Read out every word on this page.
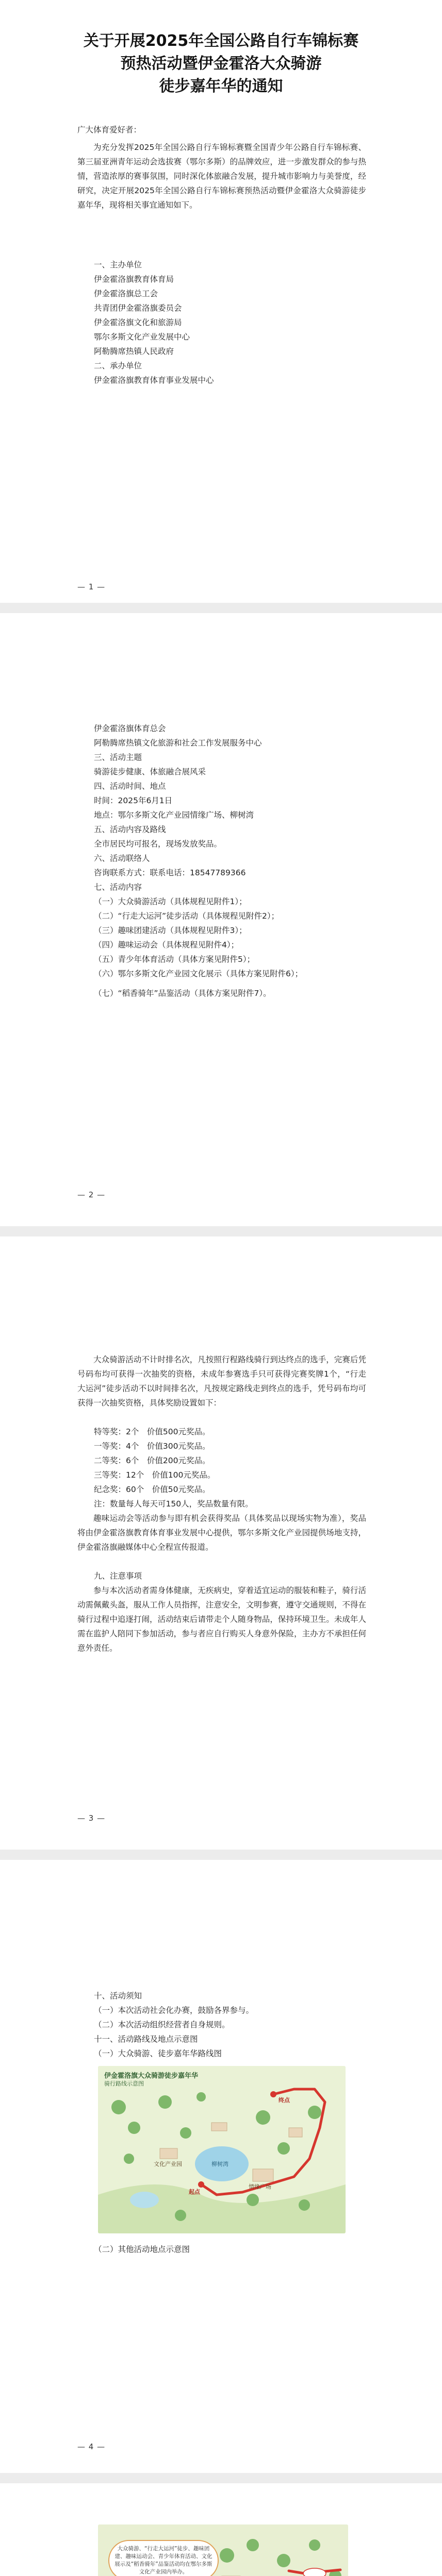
关于开展2025年全国公路自行车锦标赛
预热活动暨伊金霍洛大众骑游
徒步嘉年华的通知
广大体育爱好者：
为充分发挥2025年全国公路自行车锦标赛暨全国青少年公路自行车锦标赛、第三届亚洲青年运动会选拔赛（鄂尔多斯）的品牌效应，进一步激发群众的参与热情，营造浓厚的赛事氛围，同时深化体旅融合发展，提升城市影响力与美誉度，经研究，决定开展2025年全国公路自行车锦标赛预热活动暨伊金霍洛大众骑游徒步嘉年华，现将相关事宜通知如下。
一、主办单位
伊金霍洛旗教育体育局
伊金霍洛旗总工会
共青团伊金霍洛旗委员会
伊金霍洛旗文化和旅游局
鄂尔多斯文化产业发展中心
阿勒腾席热镇人民政府
二、承办单位
伊金霍洛旗教育体育事业发展中心
— 1 —
伊金霍洛旗体育总会
阿勒腾席热镇文化旅游和社会工作发展服务中心
三、活动主题
骑游徒步健康、体旅融合展风采
四、活动时间、地点
时间：2025年6月1日
地点：鄂尔多斯文化产业园情缘广场、柳树湾
五、活动内容及路线
全市居民均可报名，现场发放奖品。
六、活动联络人
咨询联系方式：联系电话：18547789366
七、活动内容
（一）大众骑游活动（具体规程见附件1）；
（二）“行走大运河”徒步活动（具体规程见附件2）；
（三）趣味团建活动（具体规程见附件3）；
（四）趣味运动会（具体规程见附件4）；
（五）青少年体育活动（具体方案见附件5）；
（六）鄂尔多斯文化产业园文化展示（具体方案见附件6）；
（七）“稻香骑年”品鉴活动（具体方案见附件7）。
— 2 —
大众骑游活动不计时排名次，凡按照行程路线骑行到达终点的选手，完赛后凭号码布均可获得一次抽奖的资格，未成年参赛选手只可获得完赛奖牌1个，“行走大运河”徒步活动不以时间排名次，凡按规定路线走到终点的选手，凭号码布均可获得一次抽奖资格，具体奖励设置如下：
特等奖：2个　价值500元奖品。
一等奖：4个　价值300元奖品。
二等奖：6个　价值200元奖品。
三等奖：12个　价值100元奖品。
纪念奖：60个　价值50元奖品。
注：数量每人每天可150人，奖品数量有限。
趣味运动会等活动参与即有机会获得奖品（具体奖品以现场实物为准），奖品将由伊金霍洛旗教育体育事业发展中心提供，鄂尔多斯文化产业园提供场地支持，伊金霍洛旗融媒体中心全程宣传报道。
九、注意事项
参与本次活动者需身体健康，无疾病史，穿着适宜运动的服装和鞋子，骑行活动需佩戴头盔，服从工作人员指挥，注意安全，文明参赛，遵守交通规则，不得在骑行过程中追逐打闹，活动结束后请带走个人随身物品，保持环境卫生。未成年人需在监护人陪同下参加活动，参与者应自行购买人身意外保险，主办方不承担任何意外责任。
— 3 —
十、活动须知
（一）本次活动社会化办赛，鼓励各界参与。
（二）本次活动组织经营者自身规则。
十一、活动路线及地点示意图
（一）大众骑游、徒步嘉年华路线图
伊金霍洛旗大众骑游徒步嘉年华
骑行路线示意图
起点
终点
柳树湾
情缘广场
文化产业园
（二）其他活动地点示意图
— 4 —
大众骑游、“行走大运河”徒步、趣味团建、趣味运动会、青少年体育活动、文化展示及“稻香骑年”品鉴活动均在鄂尔多斯文化产业园内举办。
